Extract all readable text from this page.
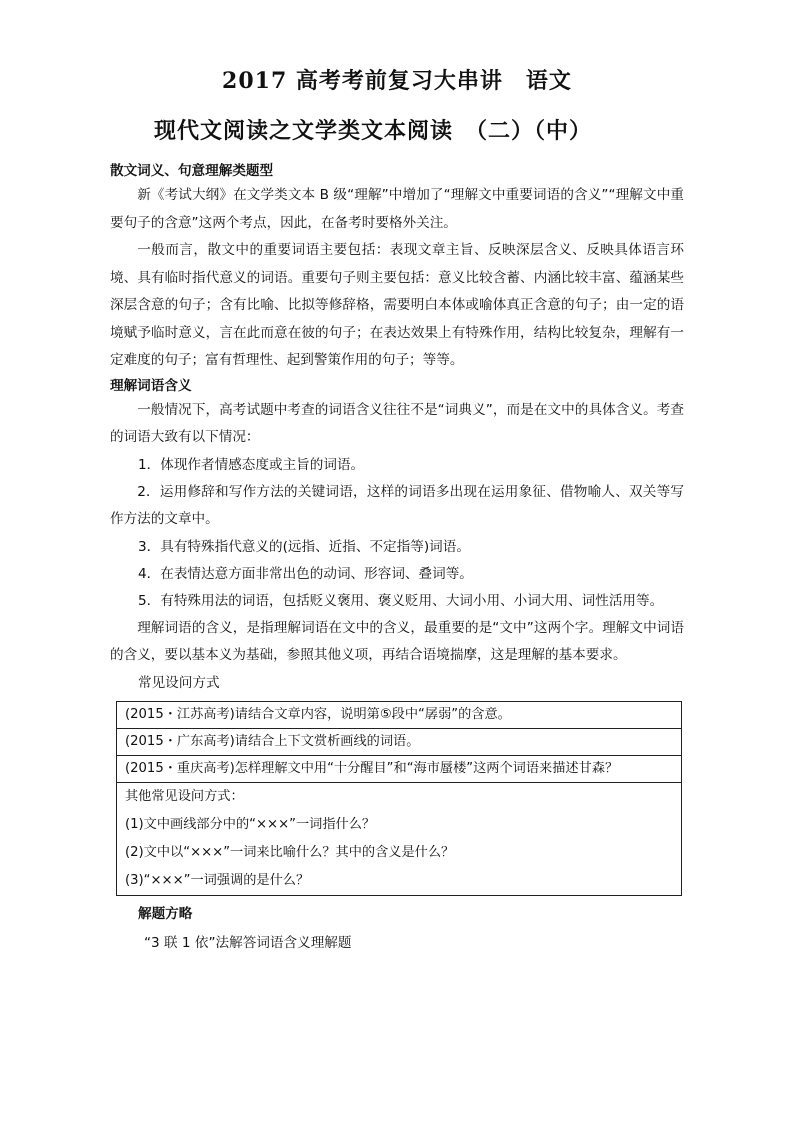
2017 高考考前复习大串讲　语文
现代文阅读之文学类文本阅读　（二）（中）

散文词义、句意理解类题型

新《考试大纲》在文学类文本 B 级“理解”中增加了“理解文中重要词语的含义”“理解文中重要句子的含意”这两个考点，因此，在备考时要格外关注。

一般而言，散文中的重要词语主要包括：表现文章主旨、反映深层含义、反映具体语言环境、具有临时指代意义的词语。重要句子则主要包括：意义比较含蓄、内涵比较丰富、蕴涵某些深层含意的句子；含有比喻、比拟等修辞格，需要明白本体或喻体真正含意的句子；由一定的语境赋予临时意义，言在此而意在彼的句子；在表达效果上有特殊作用，结构比较复杂，理解有一定难度的句子；富有哲理性、起到警策作用的句子；等等。

理解词语含义

一般情况下，高考试题中考查的词语含义往往不是“词典义”，而是在文中的具体含义。考查的词语大致有以下情况：

1．体现作者情感态度或主旨的词语。

2．运用修辞和写作方法的关键词语，这样的词语多出现在运用象征、借物喻人、双关等写作方法的文章中。

3．具有特殊指代意义的(远指、近指、不定指等)词语。

4．在表情达意方面非常出色的动词、形容词、叠词等。

5．有特殊用法的词语，包括贬义褒用、褒义贬用、大词小用、小词大用、词性活用等。

理解词语的含义，是指理解词语在文中的含义，最重要的是“文中”这两个字。理解文中词语的含义，要以基本义为基础，参照其他义项，再结合语境揣摩，这是理解的基本要求。

常见设问方式

(2015・江苏高考)请结合文章内容，说明第⑤段中“孱弱”的含意。
(2015・广东高考)请结合上下文赏析画线的词语。
(2015・重庆高考)怎样理解文中用“十分醒目”和“海市蜃楼”这两个词语来描述甘森？

其他常见设问方式：
(1)文中画线部分中的“×××”一词指什么？
(2)文中以“×××”一词来比喻什么？其中的含义是什么？
(3)“×××”一词强调的是什么？

解题方略

“3 联 1 依”法解答词语含义理解题
